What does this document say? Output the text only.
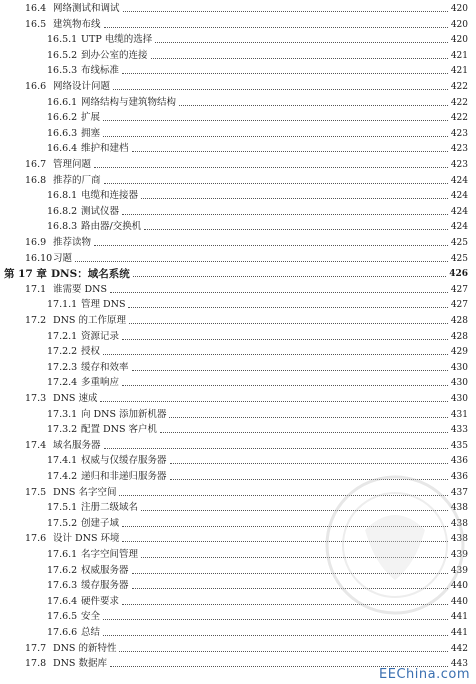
16.4 网络测试和调试	420
16.5 建筑物布线	420
16.5.1 UTP 电缆的选择	420
16.5.2 到办公室的连接	421
16.5.3 布线标准	421
16.6 网络设计问题	422
16.6.1 网络结构与建筑物结构	422
16.6.2 扩展	422
16.6.3 拥塞	423
16.6.4 维护和建档	423
16.7 管理问题	423
16.8 推荐的厂商	424
16.8.1 电缆和连接器	424
16.8.2 测试仪器	424
16.8.3 路由器/交换机	424
16.9 推荐读物	425
16.10 习题	425
第 17 章 DNS：域名系统	426
17.1 谁需要 DNS	427
17.1.1 管理 DNS	427
17.2 DNS 的工作原理	428
17.2.1 资源记录	428
17.2.2 授权	429
17.2.3 缓存和效率	430
17.2.4 多重响应	430
17.3 DNS 速成	430
17.3.1 向 DNS 添加新机器	431
17.3.2 配置 DNS 客户机	433
17.4 域名服务器	435
17.4.1 权威与仅缓存服务器	436
17.4.2 递归和非递归服务器	436
17.5 DNS 名字空间	437
17.5.1 注册二级域名	438
17.5.2 创建子域	438
17.6 设计 DNS 环境	438
17.6.1 名字空间管理	439
17.6.2 权威服务器	439
17.6.3 缓存服务器	440
17.6.4 硬件要求	440
17.6.5 安全	441
17.6.6 总结	441
17.7 DNS 的新特性	442
17.8 DNS 数据库	443
EEChina.com
